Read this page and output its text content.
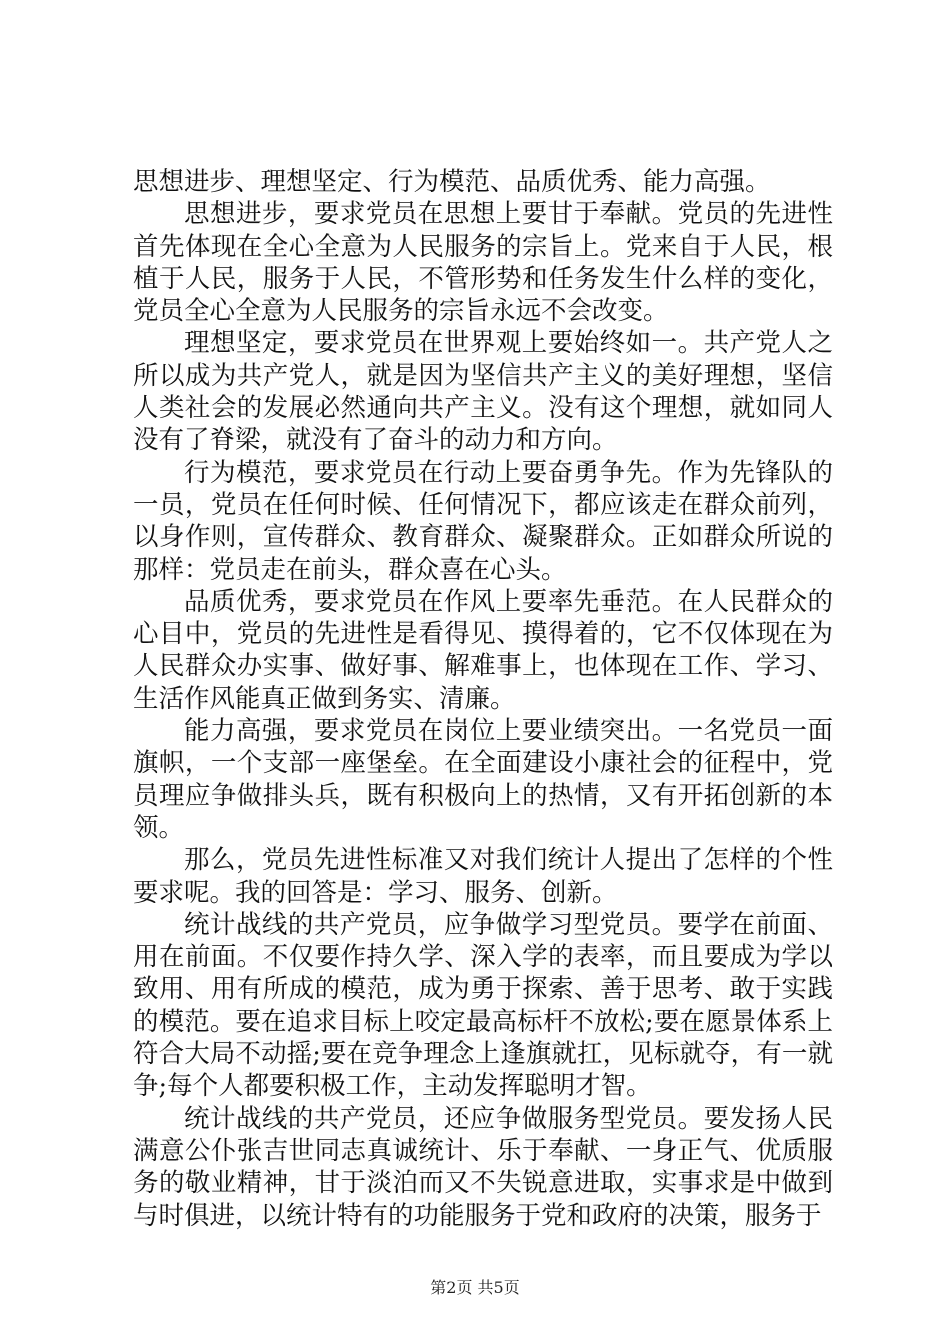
思想进步、理想坚定、行为模范、品质优秀、能力高强。

思想进步，要求党员在思想上要甘于奉献。党员的先进性首先体现在全心全意为人民服务的宗旨上。党来自于人民，根植于人民，服务于人民，不管形势和任务发生什么样的变化，党员全心全意为人民服务的宗旨永远不会改变。

理想坚定，要求党员在世界观上要始终如一。共产党人之所以成为共产党人，就是因为坚信共产主义的美好理想，坚信人类社会的发展必然通向共产主义。没有这个理想，就如同人没有了脊梁，就没有了奋斗的动力和方向。

行为模范，要求党员在行动上要奋勇争先。作为先锋队的一员，党员在任何时候、任何情况下，都应该走在群众前列，以身作则，宣传群众、教育群众、凝聚群众。正如群众所说的那样：党员走在前头，群众喜在心头。

品质优秀，要求党员在作风上要率先垂范。在人民群众的心目中，党员的先进性是看得见、摸得着的，它不仅体现在为人民群众办实事、做好事、解难事上，也体现在工作、学习、生活作风能真正做到务实、清廉。

能力高强，要求党员在岗位上要业绩突出。一名党员一面旗帜，一个支部一座堡垒。在全面建设小康社会的征程中，党员理应争做排头兵，既有积极向上的热情，又有开拓创新的本领。

那么，党员先进性标准又对我们统计人提出了怎样的个性要求呢。我的回答是：学习、服务、创新。

统计战线的共产党员，应争做学习型党员。要学在前面、用在前面。不仅要作持久学、深入学的表率，而且要成为学以致用、用有所成的模范，成为勇于探索、善于思考、敢于实践的模范。要在追求目标上咬定最高标杆不放松;要在愿景体系上符合大局不动摇;要在竞争理念上逢旗就扛，见标就夺，有一就争;每个人都要积极工作，主动发挥聪明才智。

统计战线的共产党员，还应争做服务型党员。要发扬人民满意公仆张吉世同志真诚统计、乐于奉献、一身正气、优质服务的敬业精神，甘于淡泊而又不失锐意进取，实事求是中做到与时俱进，以统计特有的功能服务于党和政府的决策，服务于

第2页 共5页
